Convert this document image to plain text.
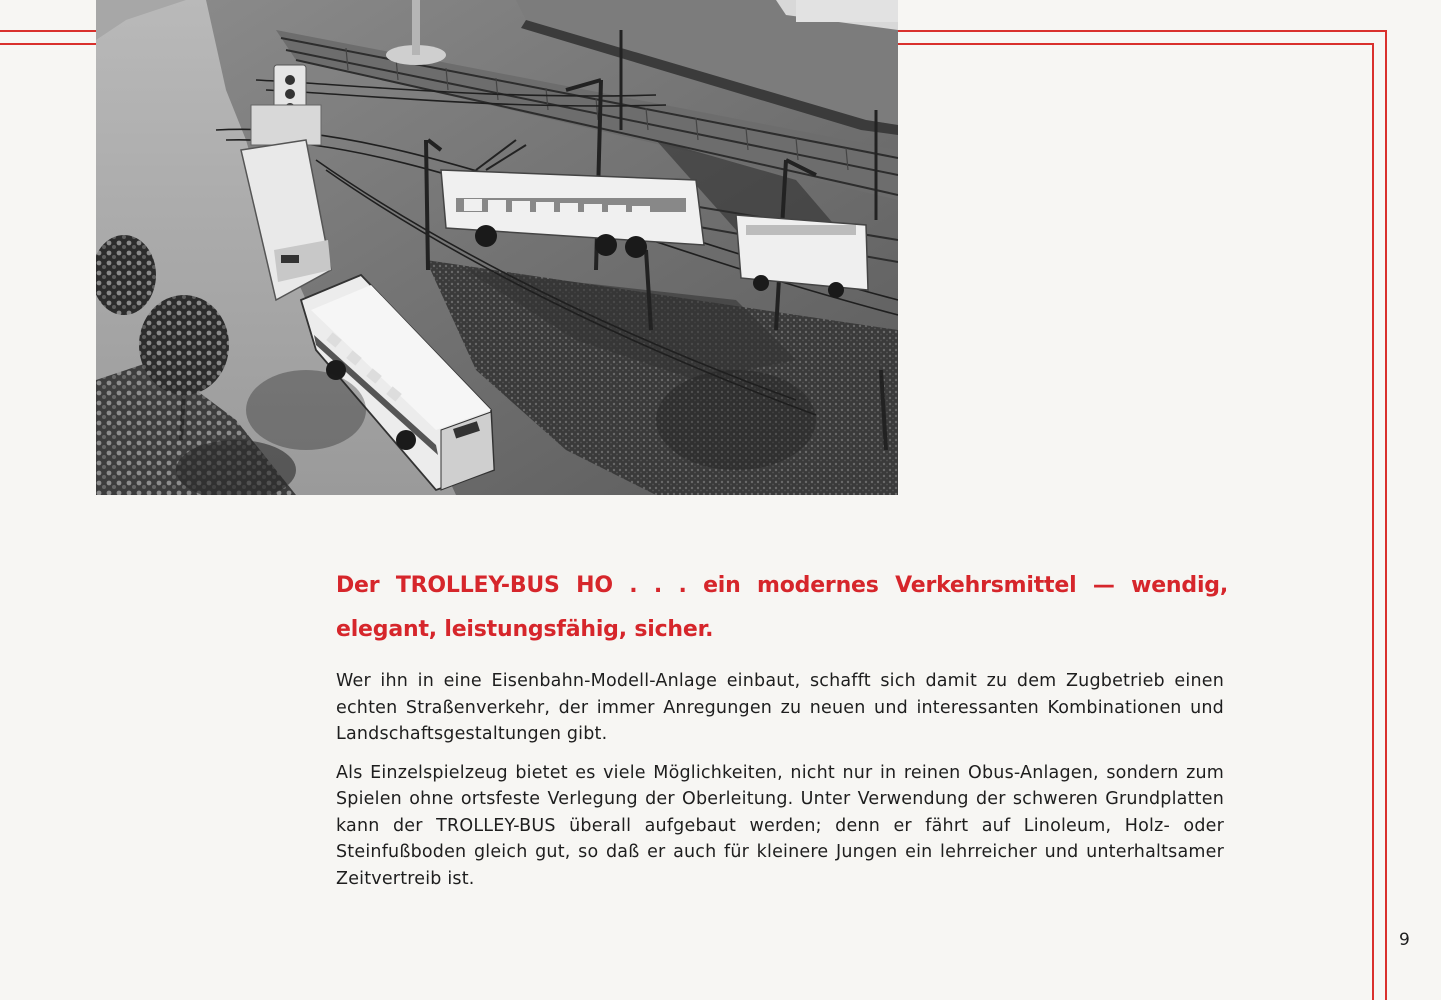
Der TROLLEY-BUS HO . . . ein modernes Verkehrsmittel — wendig, elegant, leistungsfähig, sicher.

Wer ihn in eine Eisenbahn-Modell-Anlage einbaut, schafft sich damit zu dem Zugbetrieb einen echten Straßenverkehr, der immer Anregungen zu neuen und interessanten Kombinationen und Landschaftsgestaltungen gibt.

Als Einzelspielzeug bietet es viele Möglichkeiten, nicht nur in reinen Obus-Anlagen, sondern zum Spielen ohne ortsfeste Verlegung der Oberleitung. Unter Verwendung der schweren Grundplatten kann der TROLLEY-BUS überall aufgebaut werden; denn er fährt auf Linoleum, Holz- oder Steinfußboden gleich gut, so daß er auch für kleinere Jungen ein lehrreicher und unterhaltsamer Zeitvertreib ist.

9
